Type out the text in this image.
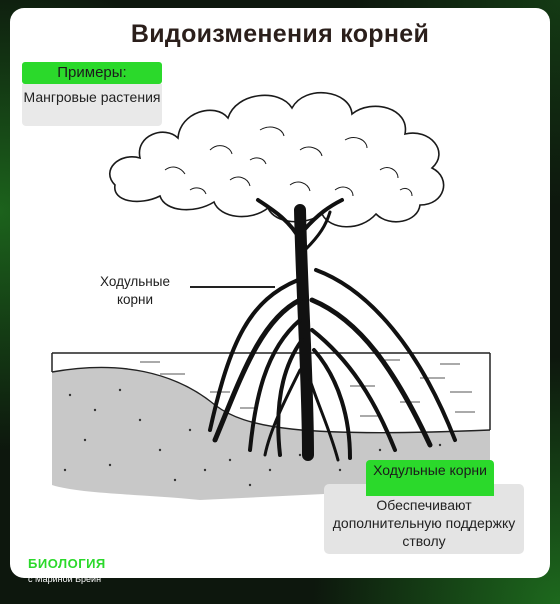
Видоизменения корней
Примеры:
Мангровые растения
Ходульные корни
Обеспечивают дополнительную поддержку стволу
Ходульные корни
БИОЛОГИЯ
с Мариной Брейн
